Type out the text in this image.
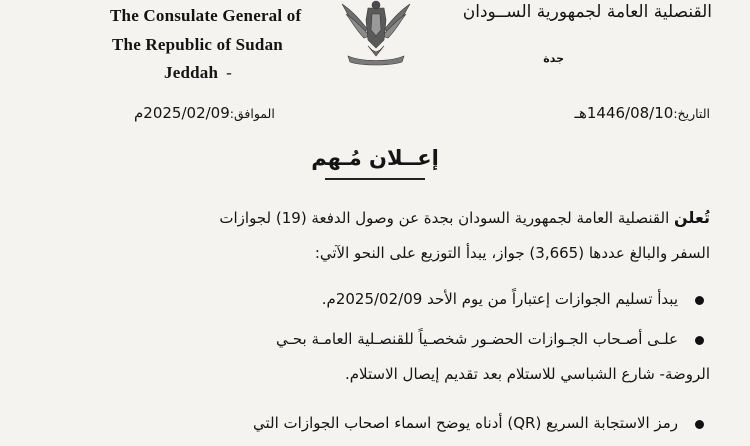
The Consulate General of
The Republic of Sudan
Jeddah -
القنصلية العامة لجمهورية الســودان
جدة
التاريخ:1446/08/10هـ
الموافق:2025/02/09م
إعــلان مُـهم
تُعلن القنصلية العامة لجمهورية السودان بجدة عن وصول الدفعة (19) لجوازات
السفر والبالغ عددها (3,665) جواز، يبدأ التوزيع على النحو الآتي:
يبدأ تسليم الجوازات إعتباراً من يوم الأحد 2025/02/09م.
علـى أصـحاب الجـوازات الحضـور شخصـياً للقنصـلية العامـة بحـي
الروضة- شارع الشباسي للاستلام بعد تقديم إيصال الاستلام.
رمز الاستجابة السريع (QR) أدناه يوضح اسماء اصحاب الجوازات التي
